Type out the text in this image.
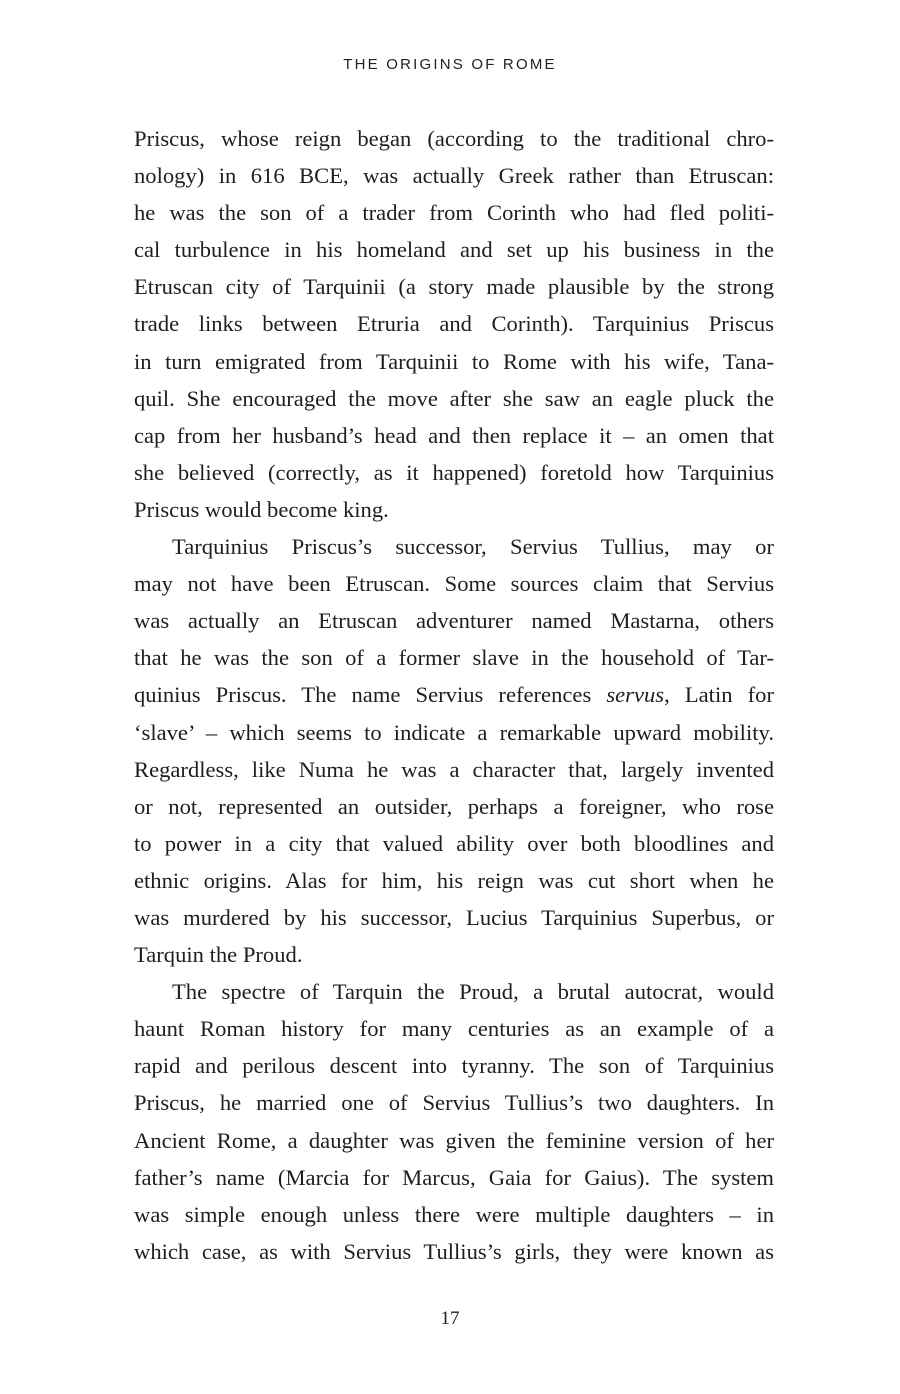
THE ORIGINS OF ROME
Priscus, whose reign began (according to the traditional chro-
nology) in 616 BCE, was actually Greek rather than Etruscan:
he was the son of a trader from Corinth who had fled politi-
cal turbulence in his homeland and set up his business in the
Etruscan city of Tarquinii (a story made plausible by the strong
trade links between Etruria and Corinth). Tarquinius Priscus
in turn emigrated from Tarquinii to Rome with his wife, Tana-
quil. She encouraged the move after she saw an eagle pluck the
cap from her husband’s head and then replace it – an omen that
she believed (correctly, as it happened) foretold how Tarquinius
Priscus would become king.
Tarquinius Priscus’s successor, Servius Tullius, may or
may not have been Etruscan. Some sources claim that Servius
was actually an Etruscan adventurer named Mastarna, others
that he was the son of a former slave in the household of Tar-
quinius Priscus. The name Servius references servus, Latin for
‘slave’ – which seems to indicate a remarkable upward mobility.
Regardless, like Numa he was a character that, largely invented
or not, represented an outsider, perhaps a foreigner, who rose
to power in a city that valued ability over both bloodlines and
ethnic origins. Alas for him, his reign was cut short when he
was murdered by his successor, Lucius Tarquinius Superbus, or
Tarquin the Proud.
The spectre of Tarquin the Proud, a brutal autocrat, would
haunt Roman history for many centuries as an example of a
rapid and perilous descent into tyranny. The son of Tarquinius
Priscus, he married one of Servius Tullius’s two daughters. In
Ancient Rome, a daughter was given the feminine version of her
father’s name (Marcia for Marcus, Gaia for Gaius). The system
was simple enough unless there were multiple daughters – in
which case, as with Servius Tullius’s girls, they were known as
17
